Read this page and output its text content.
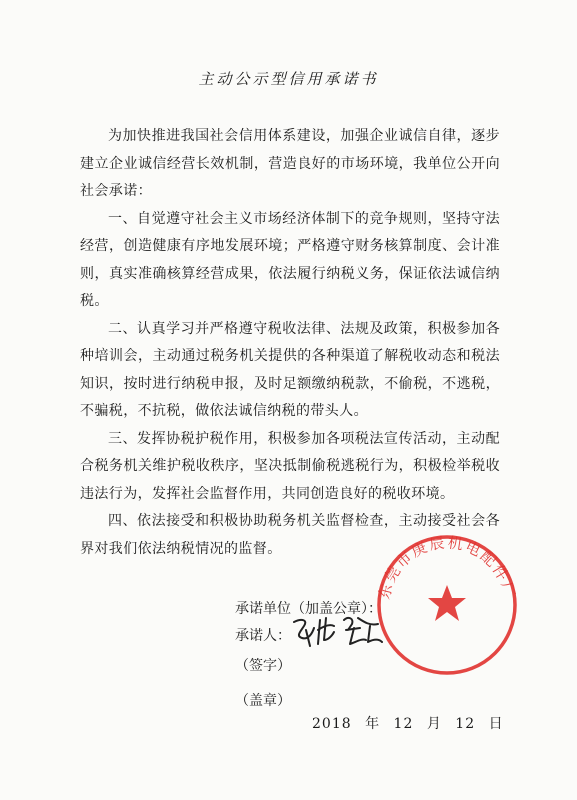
主动公示型信用承诺书

为加快推进我国社会信用体系建设，加强企业诚信自律，逐步建立企业诚信经营长效机制，营造良好的市场环境，我单位公开向社会承诺：

一、自觉遵守社会主义市场经济体制下的竞争规则，坚持守法经营，创造健康有序地发展环境；严格遵守财务核算制度、会计准则，真实准确核算经营成果，依法履行纳税义务，保证依法诚信纳税。

二、认真学习并严格遵守税收法律、法规及政策，积极参加各种培训会，主动通过税务机关提供的各种渠道了解税收动态和税法知识，按时进行纳税申报，及时足额缴纳税款，不偷税，不逃税，不骗税，不抗税，做依法诚信纳税的带头人。

三、发挥协税护税作用，积极参加各项税法宣传活动，主动配合税务机关维护税收秩序，坚决抵制偷税逃税行为，积极检举税收违法行为，发挥社会监督作用，共同创造良好的税收环境。

四、依法接受和积极协助税务机关监督检查，主动接受社会各界对我们依法纳税情况的监督。

承诺单位（加盖公章）：
承诺人：
（签字）
（盖章）
东莞市庚辰机电配件厂
2018 年 12 月 12 日
